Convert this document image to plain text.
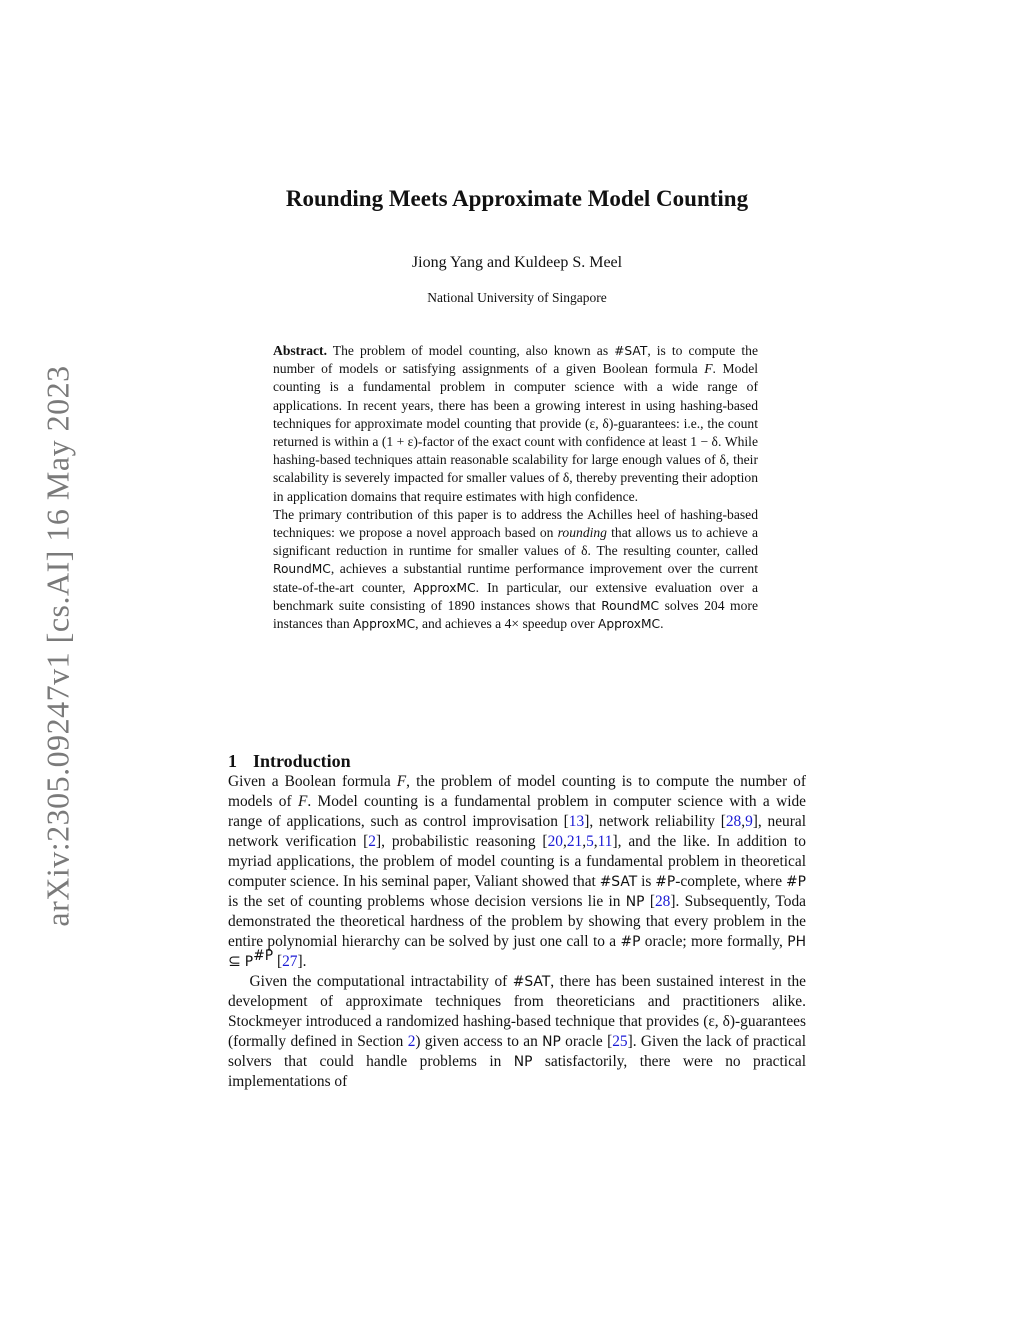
arXiv:2305.09247v1 [cs.AI] 16 May 2023
Rounding Meets Approximate Model Counting
Jiong Yang and Kuldeep S. Meel
National University of Singapore

Abstract. The problem of model counting, also known as #SAT, is to compute the number of models or satisfying assignments of a given Boolean formula F. Model counting is a fundamental problem in computer science with a wide range of applications. In recent years, there has been a growing interest in using hashing-based techniques for approximate model counting that provide (ε, δ)-guarantees: i.e., the count returned is within a (1 + ε)-factor of the exact count with confidence at least 1 − δ. While hashing-based techniques attain reasonable scalability for large enough values of δ, their scalability is severely impacted for smaller values of δ, thereby preventing their adoption in application domains that require estimates with high confidence.

The primary contribution of this paper is to address the Achilles heel of hashing-based techniques: we propose a novel approach based on rounding that allows us to achieve a significant reduction in runtime for smaller values of δ. The resulting counter, called RoundMC, achieves a substantial runtime performance improvement over the current state-of-the-art counter, ApproxMC. In particular, our extensive evaluation over a benchmark suite consisting of 1890 instances shows that RoundMC solves 204 more instances than ApproxMC, and achieves a 4× speedup over ApproxMC.

1 Introduction

Given a Boolean formula F, the problem of model counting is to compute the number of models of F. Model counting is a fundamental problem in computer science with a wide range of applications, such as control improvisation [13], network reliability [28,9], neural network verification [2], probabilistic reasoning [20,21,5,11], and the like. In addition to myriad applications, the problem of model counting is a fundamental problem in theoretical computer science. In his seminal paper, Valiant showed that #SAT is #P-complete, where #P is the set of counting problems whose decision versions lie in NP [28]. Subsequently, Toda demonstrated the theoretical hardness of the problem by showing that every problem in the entire polynomial hierarchy can be solved by just one call to a #P oracle; more formally, PH ⊆ $P^{\#P}$ [27].

Given the computational intractability of #SAT, there has been sustained interest in the development of approximate techniques from theoreticians and practitioners alike. Stockmeyer introduced a randomized hashing-based technique that provides (ε, δ)-guarantees (formally defined in Section 2) given access to an NP oracle [25]. Given the lack of practical solvers that could handle problems in NP satisfactorily, there were no practical implementations of
